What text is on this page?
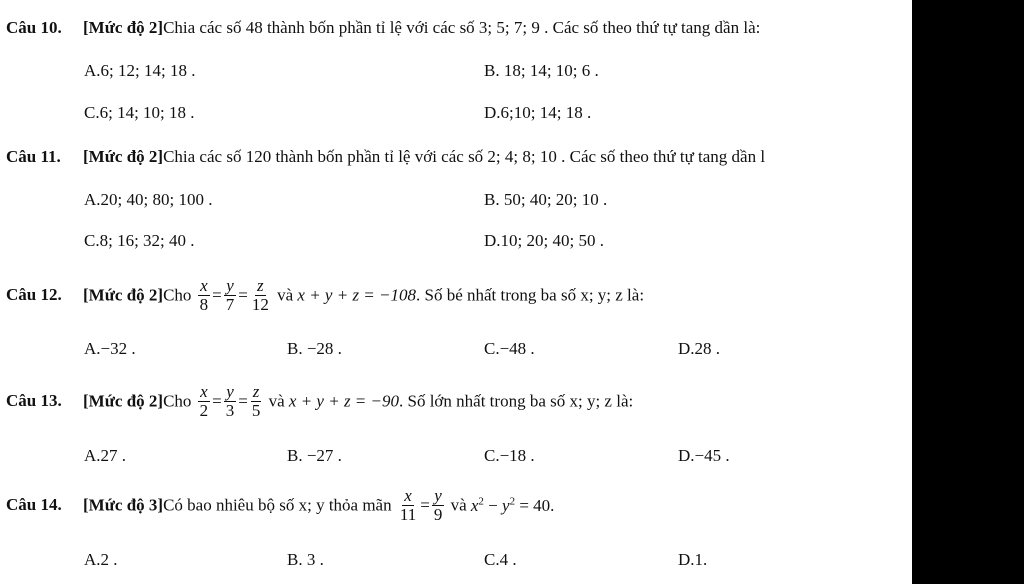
Câu 10. [Mức độ 2]Chia các số 48 thành bốn phần tỉ lệ với các số 3; 5; 7; 9 . Các số theo thứ tự tang dần là:
A.6; 12; 14; 18 .	B. 18; 14; 10; 6 .
C.6; 14; 10; 18 .	D.6;10; 14; 18 .
Câu 11. [Mức độ 2]Chia các số 120 thành bốn phần tỉ lệ với các số 2; 4; 8; 10 . Các số theo thứ tự tang dần l
A.20; 40; 80; 100 .	B. 50; 40; 20; 10 .
C.8; 16; 32; 40 .	D.10; 20; 40; 50 .
Câu 12. [Mức độ $2]Cho \frac{x}{8} = \frac{y}{7} = \frac{z}{12}$ và x + y + z = −108. Số bé nhất trong ba số x; y; z là:
A.−32 .	B. −28 .	C.−48 .	D.28 .
Câu 13. [Mức độ $2]Cho \frac{x}{2} = \frac{y}{3} = \frac{z}{5}$ và x + y + z = −90. Số lớn nhất trong ba số x; y; z là:
A.27 .	B. −27 .	C.−18 .	D.−45 .
Câu 14. [Mức độ 3]Có bao nhiêu bộ số x; y thỏa mãn $\frac{x}{11} = \frac{y}{9}$ và $x^2 - y^2 = 40$.
A.2 .	B. 3 .	C.4 .	D.1.
